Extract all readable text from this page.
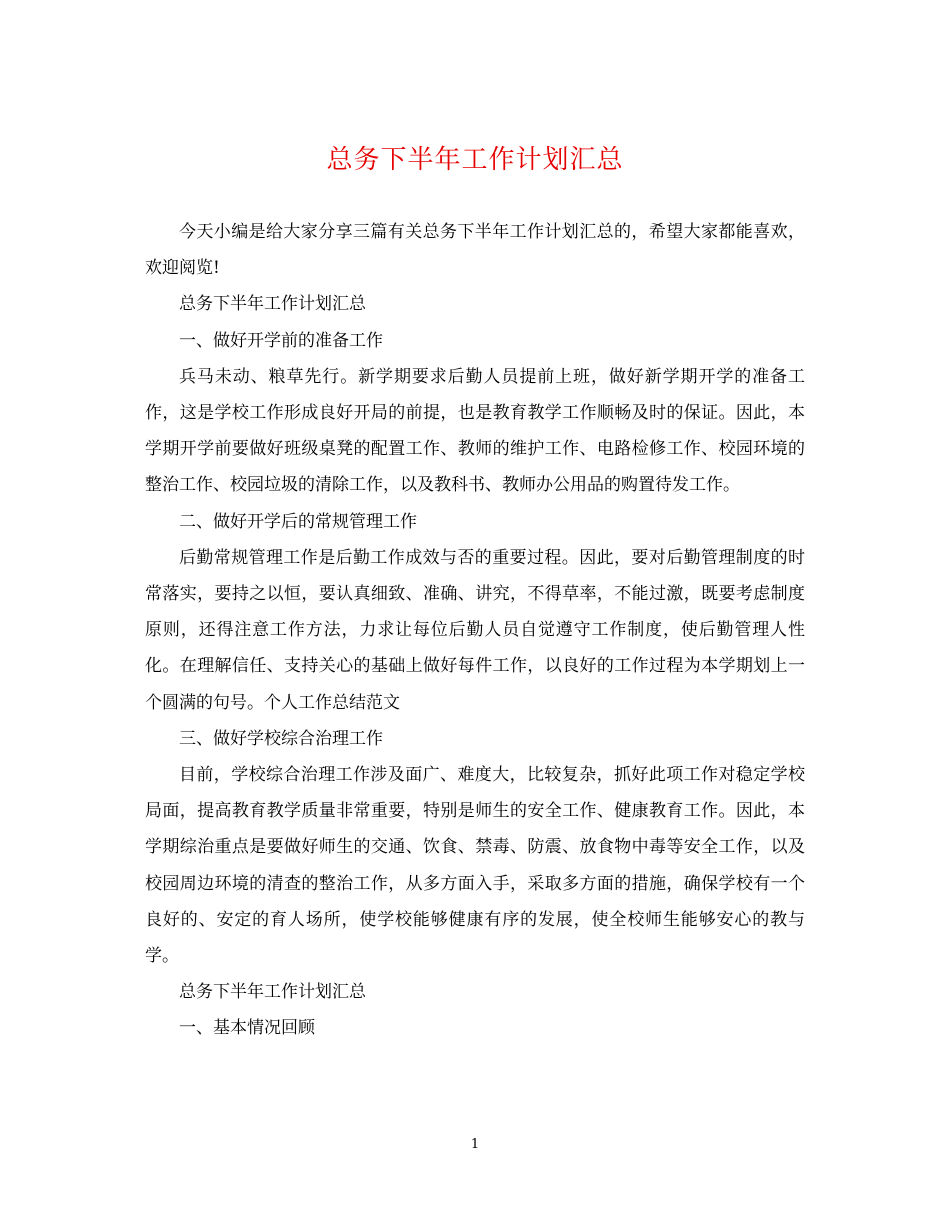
总务下半年工作计划汇总

今天小编是给大家分享三篇有关总务下半年工作计划汇总的，希望大家都能喜欢，欢迎阅览!

总务下半年工作计划汇总

一、做好开学前的准备工作

兵马未动、粮草先行。新学期要求后勤人员提前上班，做好新学期开学的准备工作，这是学校工作形成良好开局的前提，也是教育教学工作顺畅及时的保证。因此，本学期开学前要做好班级桌凳的配置工作、教师的维护工作、电路检修工作、校园环境的整治工作、校园垃圾的清除工作，以及教科书、教师办公用品的购置待发工作。

二、做好开学后的常规管理工作

后勤常规管理工作是后勤工作成效与否的重要过程。因此，要对后勤管理制度的时常落实，要持之以恒，要认真细致、准确、讲究，不得草率，不能过激，既要考虑制度原则，还得注意工作方法，力求让每位后勤人员自觉遵守工作制度，使后勤管理人性化。在理解信任、支持关心的基础上做好每件工作，以良好的工作过程为本学期划上一个圆满的句号。个人工作总结范文

三、做好学校综合治理工作

目前，学校综合治理工作涉及面广、难度大，比较复杂，抓好此项工作对稳定学校局面，提高教育教学质量非常重要，特别是师生的安全工作、健康教育工作。因此，本学期综治重点是要做好师生的交通、饮食、禁毒、防震、放食物中毒等安全工作，以及校园周边环境的清查的整治工作，从多方面入手，采取多方面的措施，确保学校有一个良好的、安定的育人场所，使学校能够健康有序的发展，使全校师生能够安心的教与学。

总务下半年工作计划汇总

一、基本情况回顾

1
